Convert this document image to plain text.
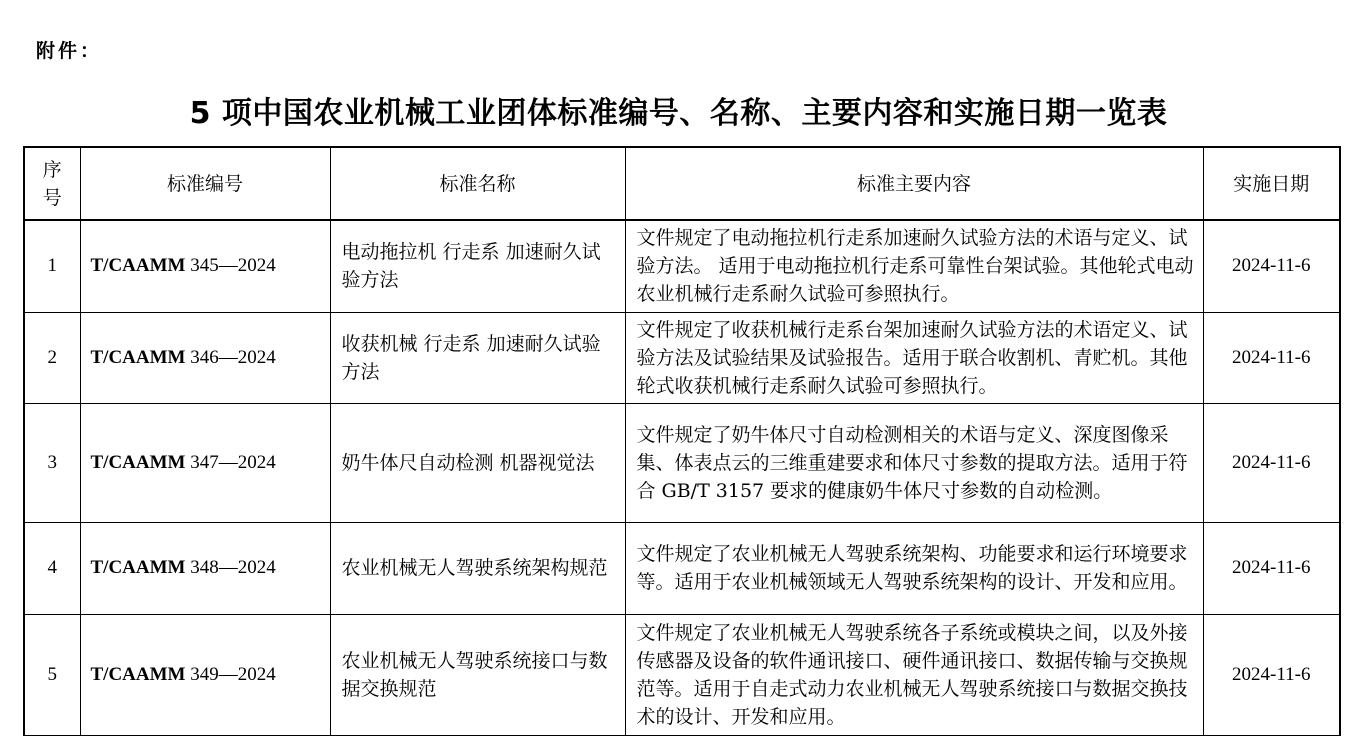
附件：
5 项中国农业机械工业团体标准编号、名称、主要内容和实施日期一览表
序
号	标准编号	标准名称	标准主要内容	实施日期
1	T/CAAMM 345—2024	电动拖拉机 行走系 加速耐久试验方法	文件规定了电动拖拉机行走系加速耐久试验方法的术语与定义、试验方法。 适用于电动拖拉机行走系可靠性台架试验。其他轮式电动农业机械行走系耐久试验可参照执行。	2024-11-6
2	T/CAAMM 346—2024	收获机械 行走系 加速耐久试验方法	文件规定了收获机械行走系台架加速耐久试验方法的术语定义、试验方法及试验结果及试验报告。适用于联合收割机、青贮机。其他轮式收获机械行走系耐久试验可参照执行。	2024-11-6
3	T/CAAMM 347—2024	奶牛体尺自动检测 机器视觉法	文件规定了奶牛体尺寸自动检测相关的术语与定义、深度图像采集、体表点云的三维重建要求和体尺寸参数的提取方法。适用于符合 GB/T 3157 要求的健康奶牛体尺寸参数的自动检测。	2024-11-6
4	T/CAAMM 348—2024	农业机械无人驾驶系统架构规范	文件规定了农业机械无人驾驶系统架构、功能要求和运行环境要求等。适用于农业机械领域无人驾驶系统架构的设计、开发和应用。	2024-11-6
5	T/CAAMM 349—2024	农业机械无人驾驶系统接口与数据交换规范	文件规定了农业机械无人驾驶系统各子系统或模块之间，以及外接传感器及设备的软件通讯接口、硬件通讯接口、数据传输与交换规范等。适用于自走式动力农业机械无人驾驶系统接口与数据交换技术的设计、开发和应用。	2024-11-6
